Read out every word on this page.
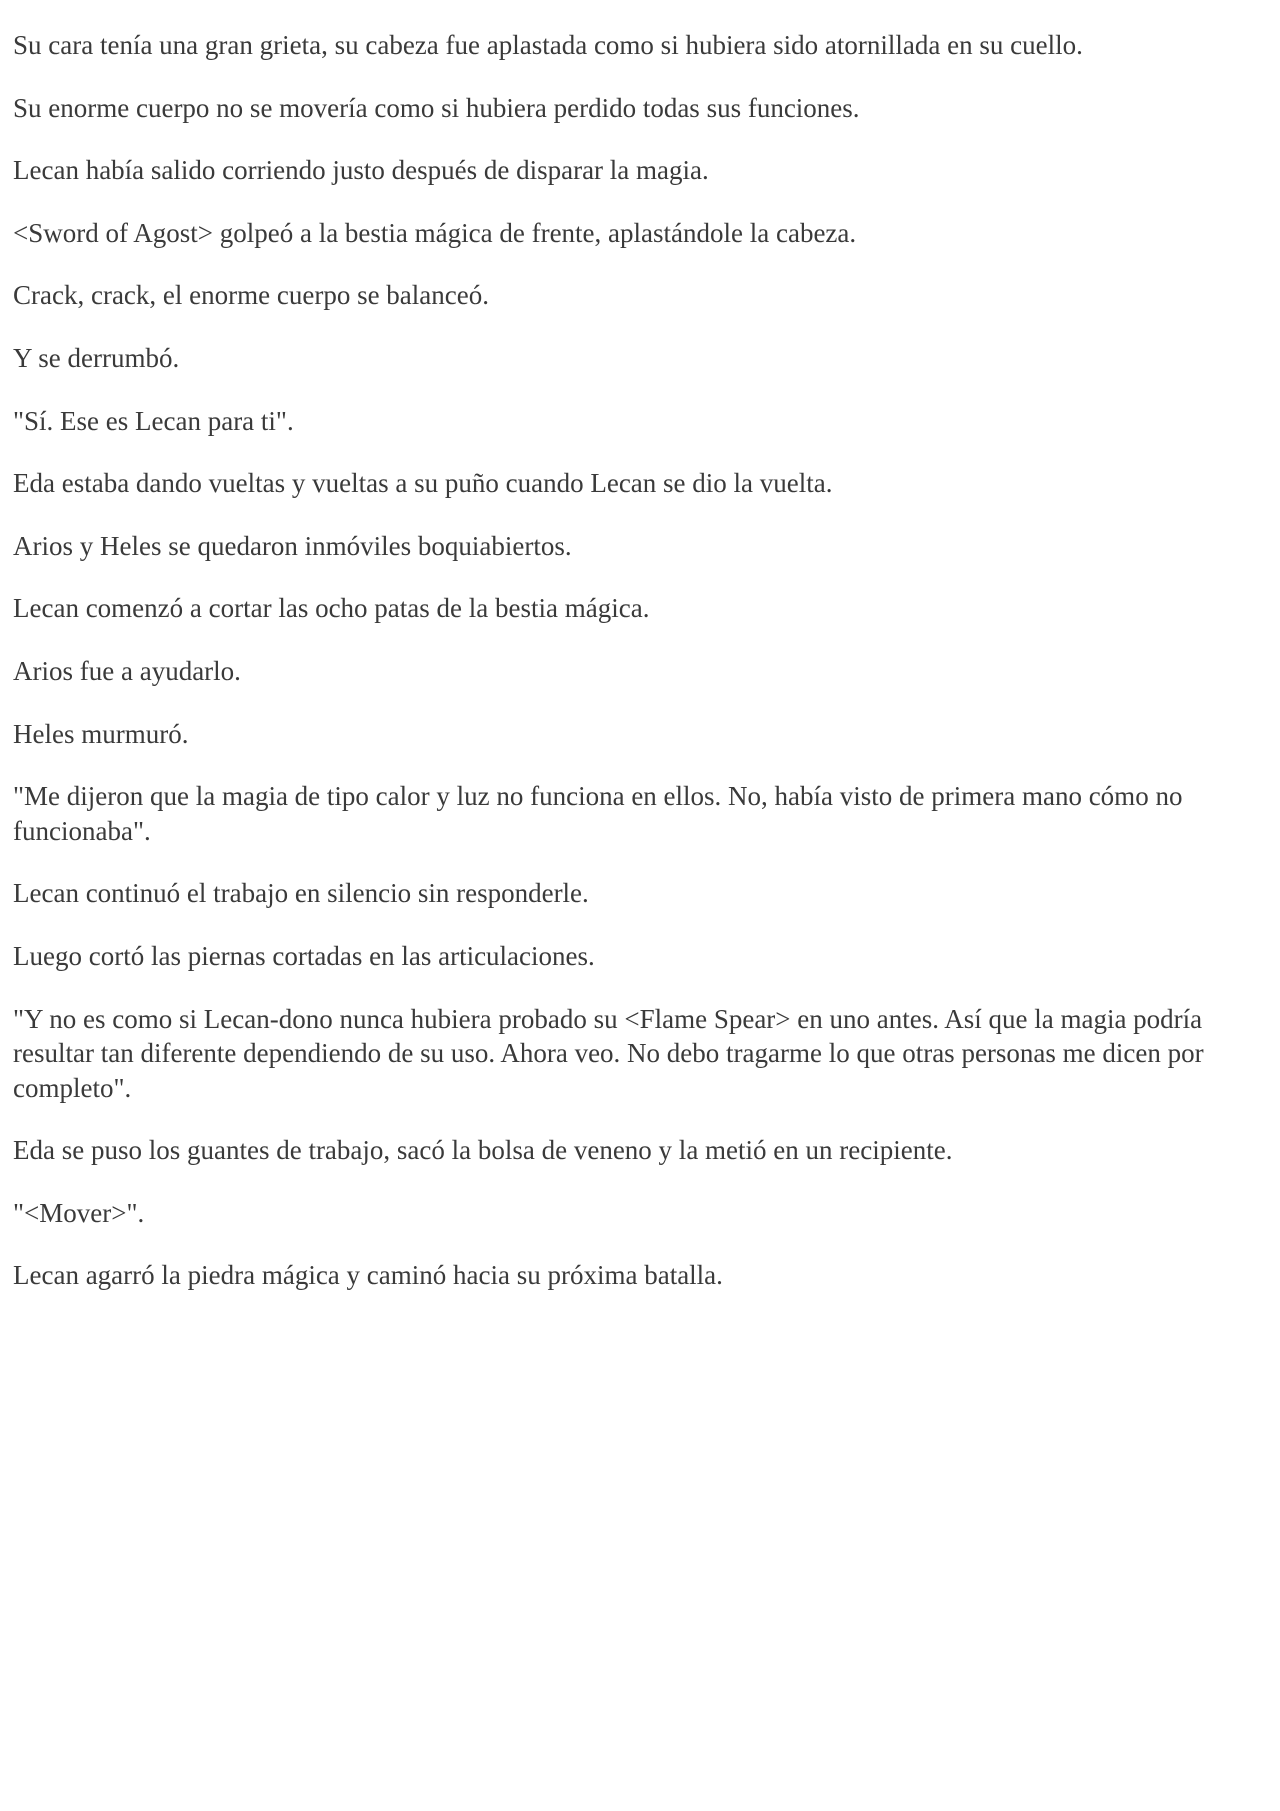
Su cara tenía una gran grieta, su cabeza fue aplastada como si hubiera sido atornillada en su cuello.

Su enorme cuerpo no se movería como si hubiera perdido todas sus funciones.

Lecan había salido corriendo justo después de disparar la magia.

<Sword of Agost> golpeó a la bestia mágica de frente, aplastándole la cabeza.

Crack, crack, el enorme cuerpo se balanceó.

Y se derrumbó.

"Sí. Ese es Lecan para ti".

Eda estaba dando vueltas y vueltas a su puño cuando Lecan se dio la vuelta.

Arios y Heles se quedaron inmóviles boquiabiertos.

Lecan comenzó a cortar las ocho patas de la bestia mágica.

Arios fue a ayudarlo.

Heles murmuró.

"Me dijeron que la magia de tipo calor y luz no funciona en ellos. No, había visto de primera mano cómo no funcionaba".

Lecan continuó el trabajo en silencio sin responderle.

Luego cortó las piernas cortadas en las articulaciones.

"Y no es como si Lecan-dono nunca hubiera probado su <Flame Spear> en uno antes. Así que la magia podría resultar tan diferente dependiendo de su uso. Ahora veo. No debo tragarme lo que otras personas me dicen por completo".

Eda se puso los guantes de trabajo, sacó la bolsa de veneno y la metió en un recipiente.

"<Mover>".

Lecan agarró la piedra mágica y caminó hacia su próxima batalla.
